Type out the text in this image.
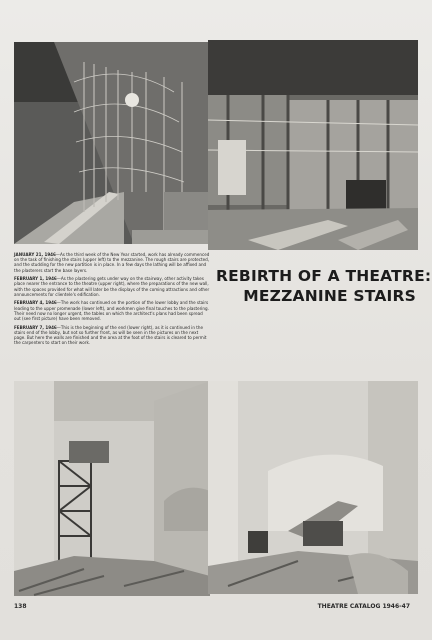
JANUARY 21, 1946—As the third week of the New Year started, work has already commenced on the task of finishing the stairs (upper left) to the mezzanine. The rough stairs are protected, and the studding for the new partition is in place. In a few days the lathing will be affixed and the plasterers start the base layers.

FEBRUARY 1, 1946—As the plastering gets under way on the stairway, other activity takes place nearer the entrance to the theatre (upper right), where the preparations of the new wall, with the spaces provided for what will later be the displays of the coming attractions and other announcements for clientele's edification.

FEBRUARY 4, 1946—The work has continued on the portion of the lower lobby and the stairs leading to the upper promenade (lower left), and workmen give final touches to the plastering. Their need now no longer urgent, the tables on which the architect's plans had been spread out (see first picture) have been removed.

FEBRUARY 7, 1946—This is the beginning of the end (lower right), as it is continued in the stairs end of the lobby, but not so further front, as will be seen in the pictures on the next page. But here the walls are finished and the area at the foot of the stairs is cleared to permit the carpenters to start on their work.

REBIRTH OF A THEATRE:
MEZZANINE STAIRS
138	THEATRE CATALOG 1946-47
